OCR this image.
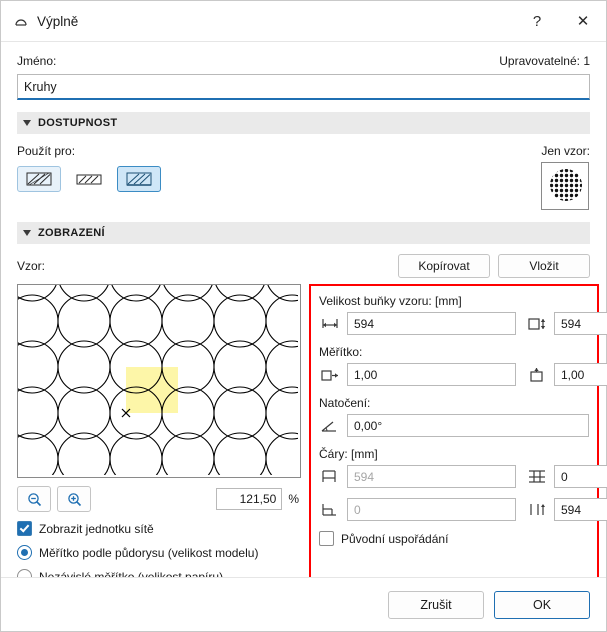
Výplně	?	✕
Jméno:	Upravovatelné: 1
Kruhy
DOSTUPNOST
Použít pro:	Jen vzor:
ZOBRAZENÍ
Vzor:	Kopírovat	Vložit
121,50	%
Zobrazit jednotku sítě
Měřítko podle půdorysu (velikost modelu)
Velikost buňky vzoru: [mm]
594
594
Měřítko:
1,00
1,00
Natočení:
0,00°
Čáry: [mm]
594
0
0
594
Původní uspořádání
Zrušit	OK
